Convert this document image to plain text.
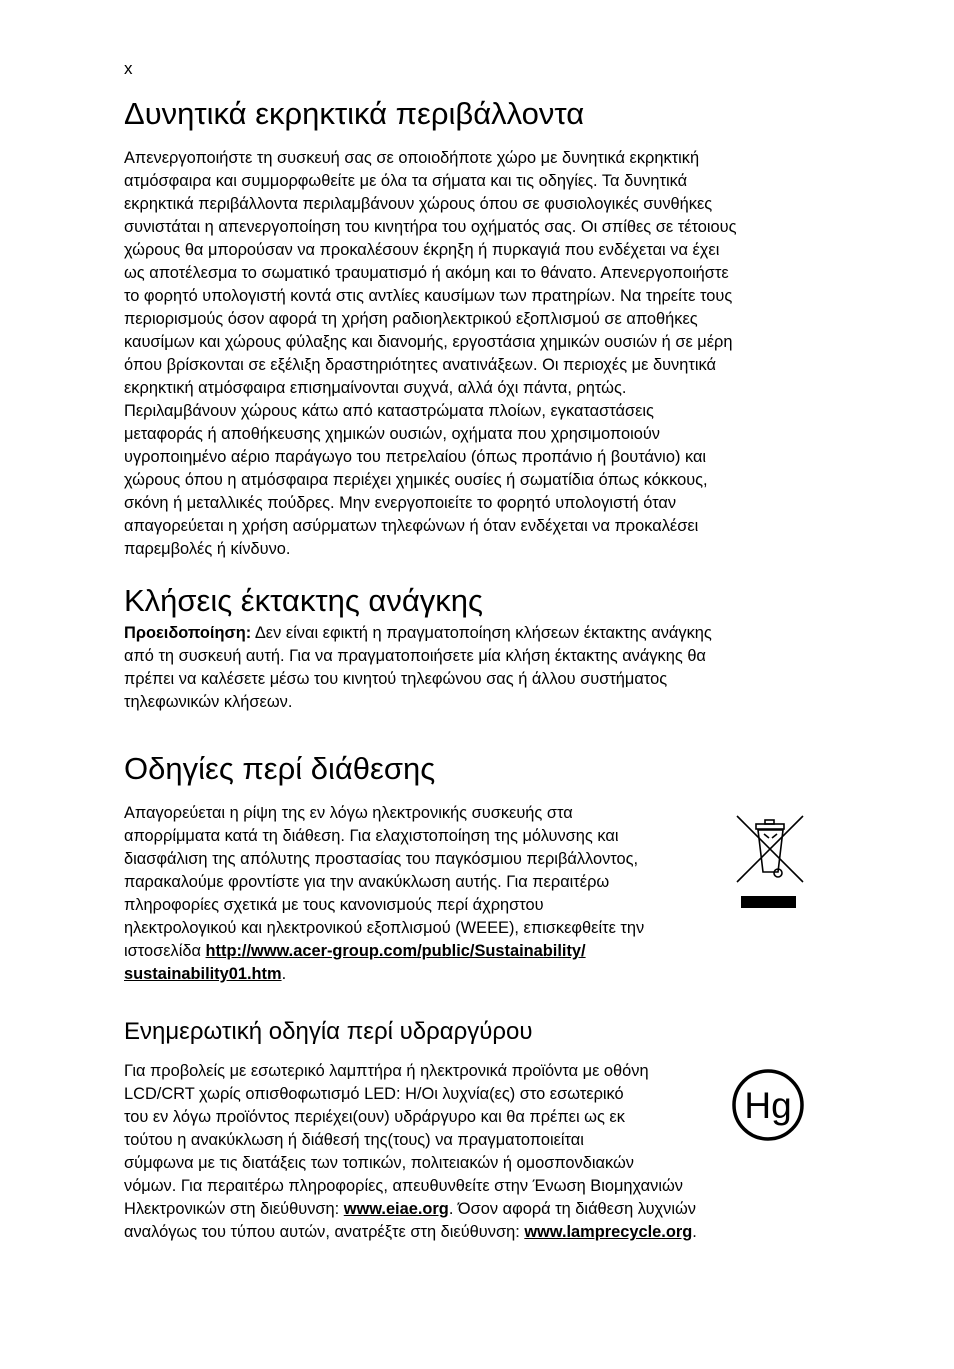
x
Δυνητικά εκρηκτικά περιβάλλοντα
Απενεργοποιήστε τη συσκευή σας σε οποιοδήποτε χώρο με δυνητικά εκρηκτική
ατμόσφαιρα και συμμορφωθείτε με όλα τα σήματα και τις οδηγίες. Τα δυνητικά
εκρηκτικά περιβάλλοντα περιλαμβάνουν χώρους όπου σε φυσιολογικές συνθήκες
συνιστάται η απενεργοποίηση του κινητήρα του οχήματός σας. Οι σπίθες σε τέτοιους
χώρους θα μπορούσαν να προκαλέσουν έκρηξη ή πυρκαγιά που ενδέχεται να έχει
ως αποτέλεσμα το σωματικό τραυματισμό ή ακόμη και το θάνατο. Απενεργοποιήστε
το φορητό υπολογιστή κοντά στις αντλίες καυσίμων των πρατηρίων. Να τηρείτε τους
περιορισμούς όσον αφορά τη χρήση ραδιοηλεκτρικού εξοπλισμού σε αποθήκες
καυσίμων και χώρους φύλαξης και διανομής, εργοστάσια χημικών ουσιών ή σε μέρη
όπου βρίσκονται σε εξέλιξη δραστηριότητες ανατινάξεων. Οι περιοχές με δυνητικά
εκρηκτική ατμόσφαιρα επισημαίνονται συχνά, αλλά όχι πάντα, ρητώς.
Περιλαμβάνουν χώρους κάτω από καταστρώματα πλοίων, εγκαταστάσεις
μεταφοράς ή αποθήκευσης χημικών ουσιών, οχήματα που χρησιμοποιούν
υγροποιημένο αέριο παράγωγο του πετρελαίου (όπως προπάνιο ή βουτάνιο) και
χώρους όπου η ατμόσφαιρα περιέχει χημικές ουσίες ή σωματίδια όπως κόκκους,
σκόνη ή μεταλλικές πούδρες. Μην ενεργοποιείτε το φορητό υπολογιστή όταν
απαγορεύεται η χρήση ασύρματων τηλεφώνων ή όταν ενδέχεται να προκαλέσει
παρεμβολές ή κίνδυνο.
Κλήσεις έκτακτης ανάγκης
Προειδοποίηση: Δεν είναι εφικτή η πραγματοποίηση κλήσεων έκτακτης ανάγκης
από τη συσκευή αυτή. Για να πραγματοποιήσετε μία κλήση έκτακτης ανάγκης θα
πρέπει να καλέσετε μέσω του κινητού τηλεφώνου σας ή άλλου συστήματος
τηλεφωνικών κλήσεων.
Οδηγίες περί διάθεσης
Απαγορεύεται η ρίψη της εν λόγω ηλεκτρονικής συσκευής στα
απορρίμματα κατά τη διάθεση. Για ελαχιστοποίηση της μόλυνσης και
διασφάλιση της απόλυτης προστασίας του παγκόσμιου περιβάλλοντος,
παρακαλούμε φροντίστε για την ανακύκλωση αυτής. Για περαιτέρω
πληροφορίες σχετικά με τους κανονισμούς περί άχρηστου
ηλεκτρολογικού και ηλεκτρονικού εξοπλισμού (WEEE), επισκεφθείτε την
ιστοσελίδα http://www.acer-group.com/public/Sustainability/
sustainability01.htm.
Ενημερωτική οδηγία περί υδραργύρου
Για προβολείς με εσωτερικό λαμπτήρα ή ηλεκτρονικά προϊόντα με οθόνη
LCD/CRT χωρίς οπισθοφωτισμό LED: Η/Οι λυχνία(ες) στο εσωτερικό
του εν λόγω προϊόντος περιέχει(ουν) υδράργυρο και θα πρέπει ως εκ
τούτου η ανακύκλωση ή διάθεσή της(τους) να πραγματοποιείται
σύμφωνα με τις διατάξεις των τοπικών, πολιτειακών ή ομοσπονδιακών
νόμων. Για περαιτέρω πληροφορίες, απευθυνθείτε στην Ένωση Βιομηχανιών
Ηλεκτρονικών στη διεύθυνση: www.eiae.org. Όσον αφορά τη διάθεση λυχνιών
αναλόγως του τύπου αυτών, ανατρέξτε στη διεύθυνση: www.lamprecycle.org.
Hg
